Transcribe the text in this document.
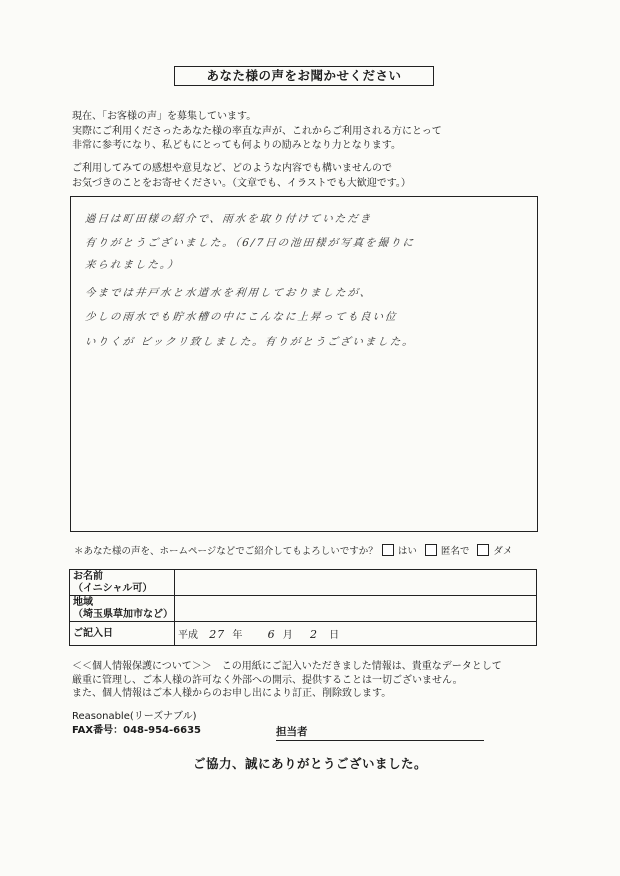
あなた様の声をお聞かせください
現在、「お客様の声」を募集しています。
実際にご利用くださったあなた様の率直な声が、これからご利用される方にとって
非常に参考になり、私どもにとっても何よりの励みとなり力となります。
ご利用してみての感想や意見など、どのような内容でも構いませんので
お気づきのことをお寄せください。（文章でも、イラストでも大歓迎です。）
過日は町田様の紹介で、雨水を取り付けていただき
有りがとうございました。（6/7日の池田様が写真を撮りに
来られました。）
今までは井戸水と水道水を利用しておりましたが、
少しの雨水でも貯水槽の中にこんなに上昇っても良い位
いりくが ビックリ致しました。有りがとうございました。
＊あなた様の声を、ホームページなどでご紹介してもよろしいですか？ はい	匿名で	ダメ
お名前
（イニシャル可）	

地域
（埼玉県草加市など）	

ご記入日	平成 27 年 6 月 2 日
＜＜個人情報保護について＞＞　この用紙にご記入いただきました情報は、貴重なデータとして
厳重に管理し、ご本人様の許可なく外部への開示、提供することは一切ございません。
また、個人情報はご本人様からのお申し出により訂正、削除致します。
Reasonable(リーズナブル)
FAX番号：048-954-6635	担当者
ご協力、誠にありがとうございました。
